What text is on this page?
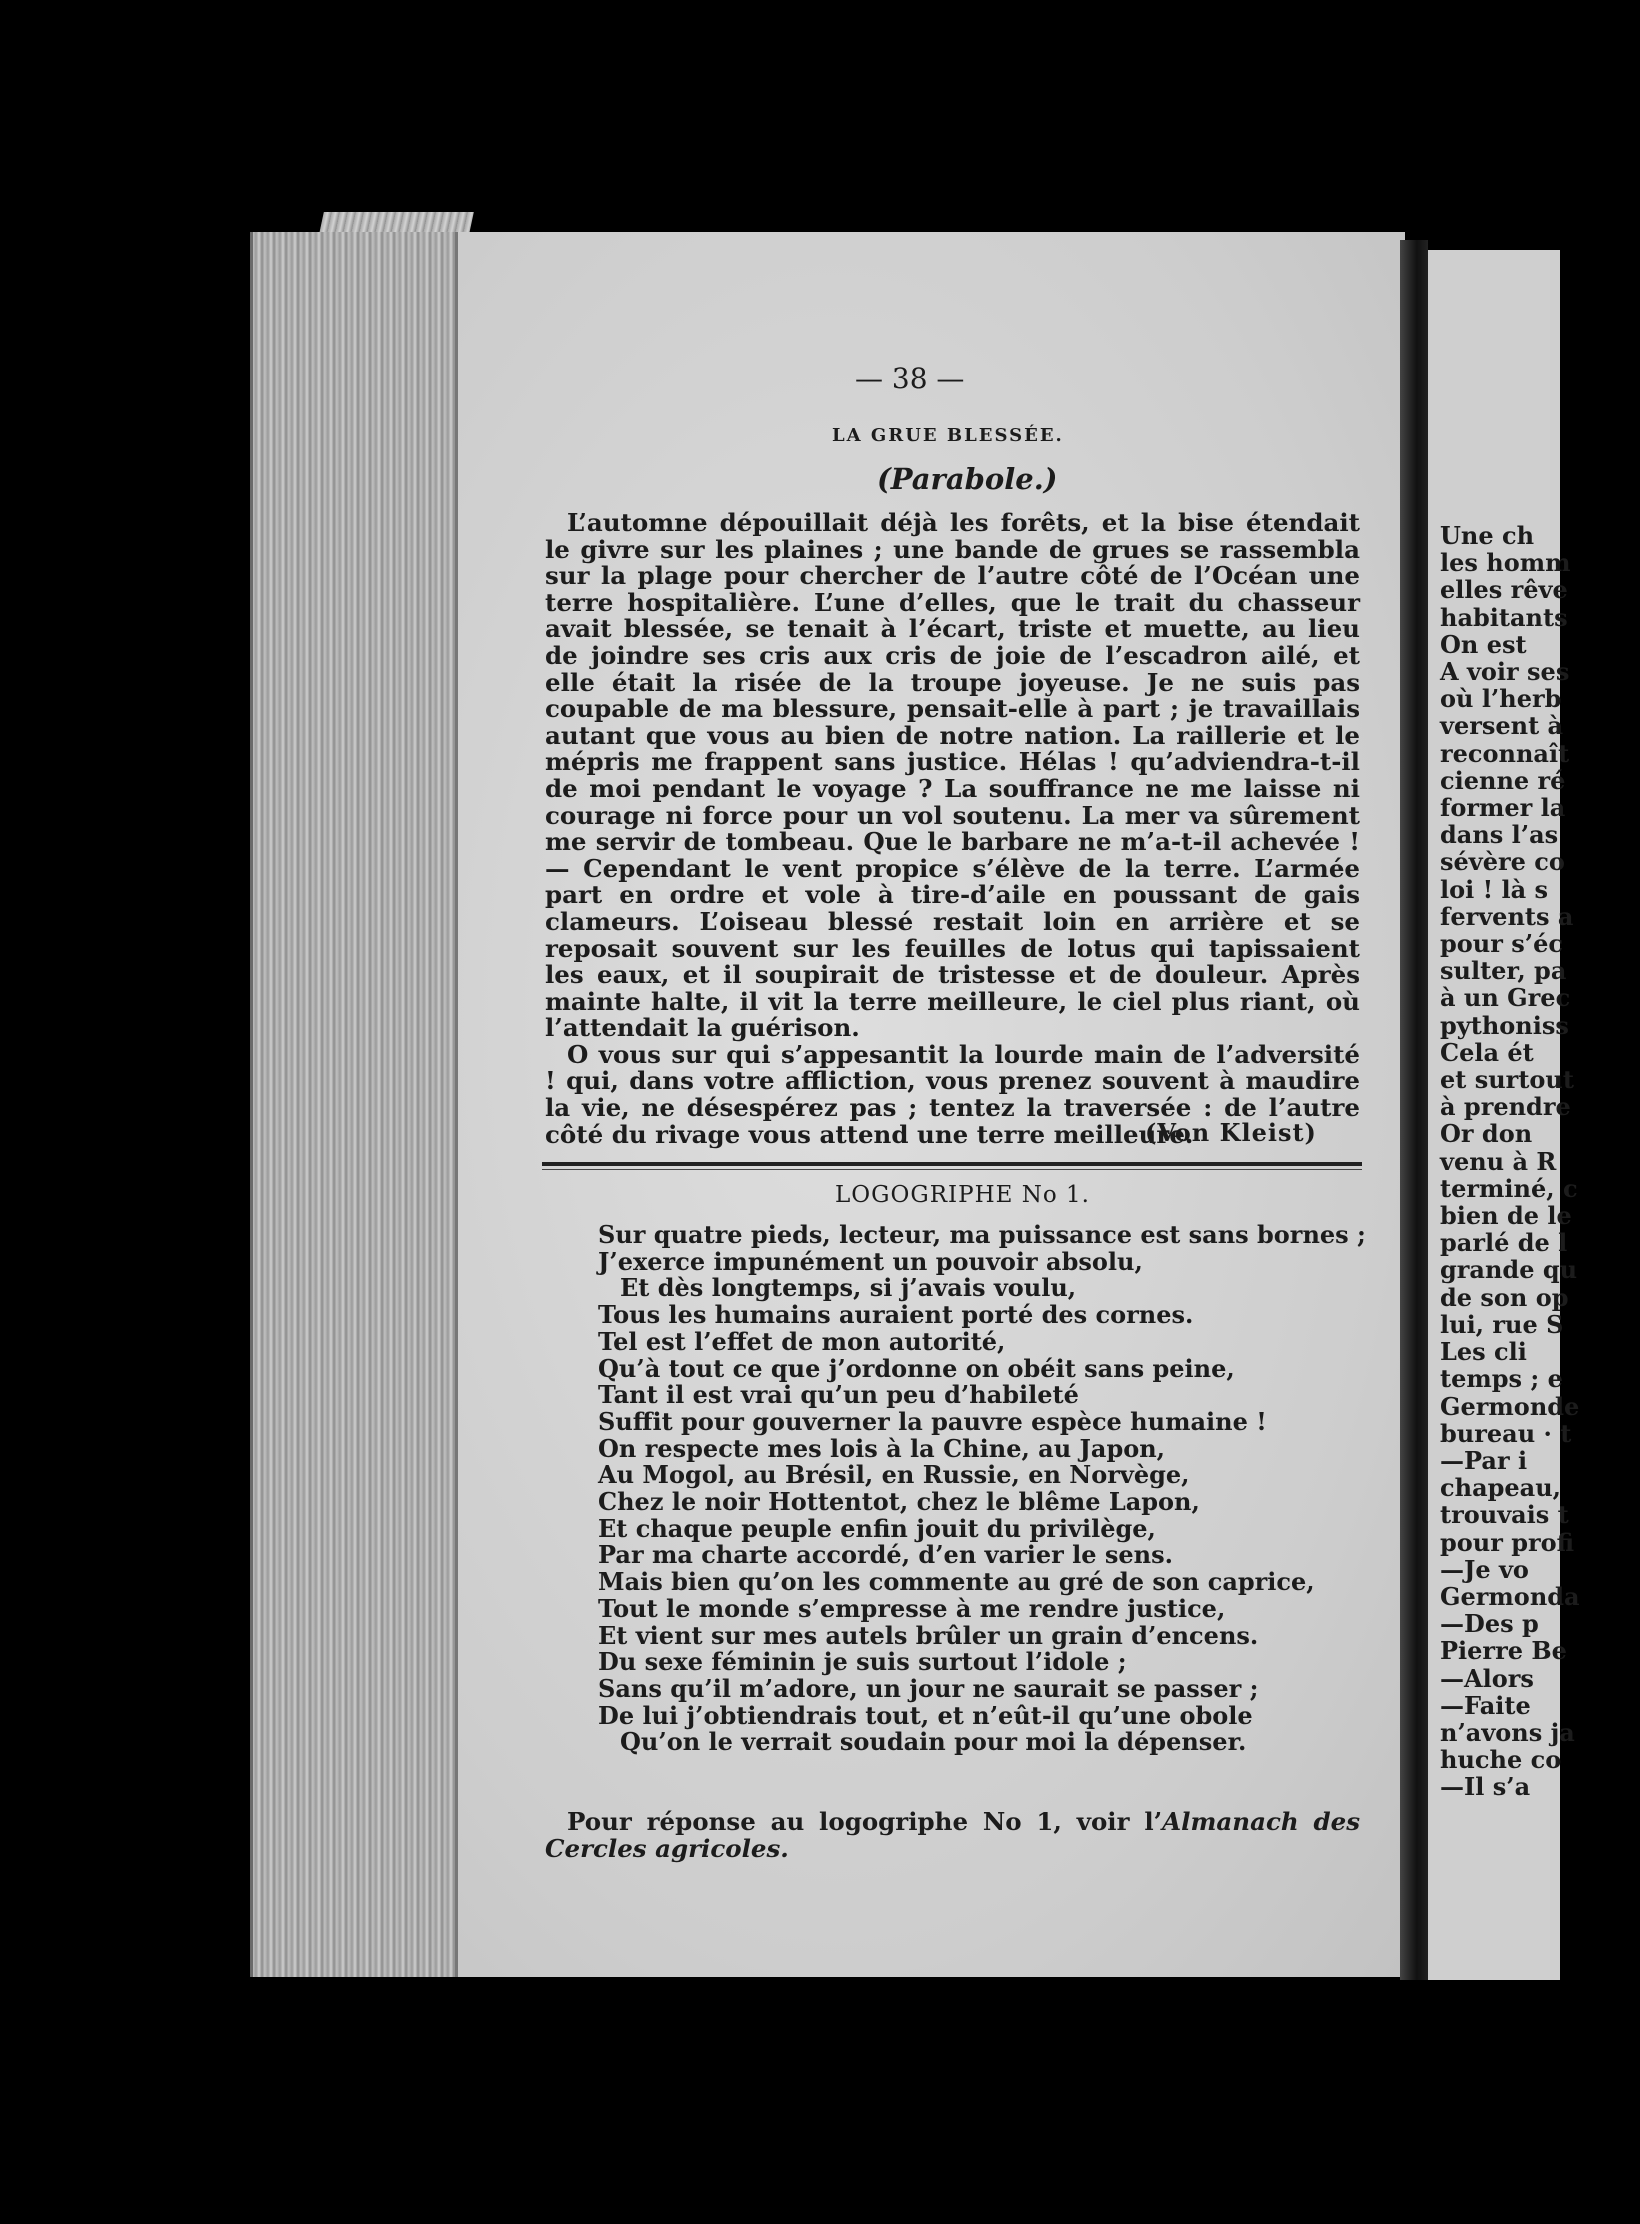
— 38 —
LA GRUE BLESSÉE.
(Parabole.)

L’automne dépouillait déjà les forêts, et la bise étendait le givre sur les plaines ; une bande de grues se rassembla sur la plage pour chercher de l’autre côté de l’Océan une terre hospitalière. L’une d’elles, que le trait du chasseur avait blessée, se tenait à l’écart, triste et muette, au lieu de joindre ses cris aux cris de joie de l’escadron ailé, et elle était la risée de la troupe joyeuse. Je ne suis pas coupable de ma blessure, pensait-elle à part ; je travaillais autant que vous au bien de notre nation. La raillerie et le mépris me frappent sans justice. Hélas ! qu’adviendra-t-il de moi pendant le voyage ? La souffrance ne me laisse ni courage ni force pour un vol soutenu. La mer va sûrement me servir de tombeau. Que le barbare ne m’a-t-il achevée ! — Cependant le vent propice s’élève de la terre. L’armée part en ordre et vole à tire-d’aile en poussant de gais clameurs. L’oiseau blessé restait loin en arrière et se reposait souvent sur les feuilles de lotus qui tapissaient les eaux, et il soupirait de tristesse et de douleur. Après mainte halte, il vit la terre meilleure, le ciel plus riant, où l’attendait la guérison.

O vous sur qui s’appesantit la lourde main de l’adversité ! qui, dans votre affliction, vous prenez souvent à maudire la vie, ne désespérez pas ; tentez la traversée : de l’autre côté du rivage vous attend une terre meilleure.

(Von Kleist)
LOGOGRIPHE No 1.
Sur quatre pieds, lecteur, ma puissance est sans bornes ;
J’exerce impunément un pouvoir absolu,
Et dès longtemps, si j’avais voulu,
Tous les humains auraient porté des cornes.
Tel est l’effet de mon autorité,
Qu’à tout ce que j’ordonne on obéit sans peine,
Tant il est vrai qu’un peu d’habileté
Suffit pour gouverner la pauvre espèce humaine !
On respecte mes lois à la Chine, au Japon,
Au Mogol, au Brésil, en Russie, en Norvège,
Chez le noir Hottentot, chez le blême Lapon,
Et chaque peuple enfin jouit du privilège,
Par ma charte accordé, d’en varier le sens.
Mais bien qu’on les commente au gré de son caprice,
Tout le monde s’empresse à me rendre justice,
Et vient sur mes autels brûler un grain d’encens.
Du sexe féminin je suis surtout l’idole ;
Sans qu’il m’adore, un jour ne saurait se passer ;
De lui j’obtiendrais tout, et n’eût-il qu’une obole
Qu’on le verrait soudain pour moi la dépenser.
Pour réponse au logogriphe No 1, voir l’Almanach des Cercles agricoles.
Une ch
les homm
elles rêve
habitants
On est
A voir ses
où l’herb
versent à
reconnaît
cienne ré
former la
dans l’as
sévère co
loi ! là s
fervents a
pour s’éc
sulter, pa
à un Grec
pythoniss
Cela ét
et surtout
à prendre
Or don
venu à R
terminé, c
bien de le
parlé de l
grande qu
de son op
lui, rue S
Les cli
temps ; e
Germonde
bureau · t
—Par i
chapeau,
trouvais t
pour profi
—Je vo
Germonda
—Des p
Pierre Be
—Alors
—Faite
n’avons ja
huche co
—Il s’a
